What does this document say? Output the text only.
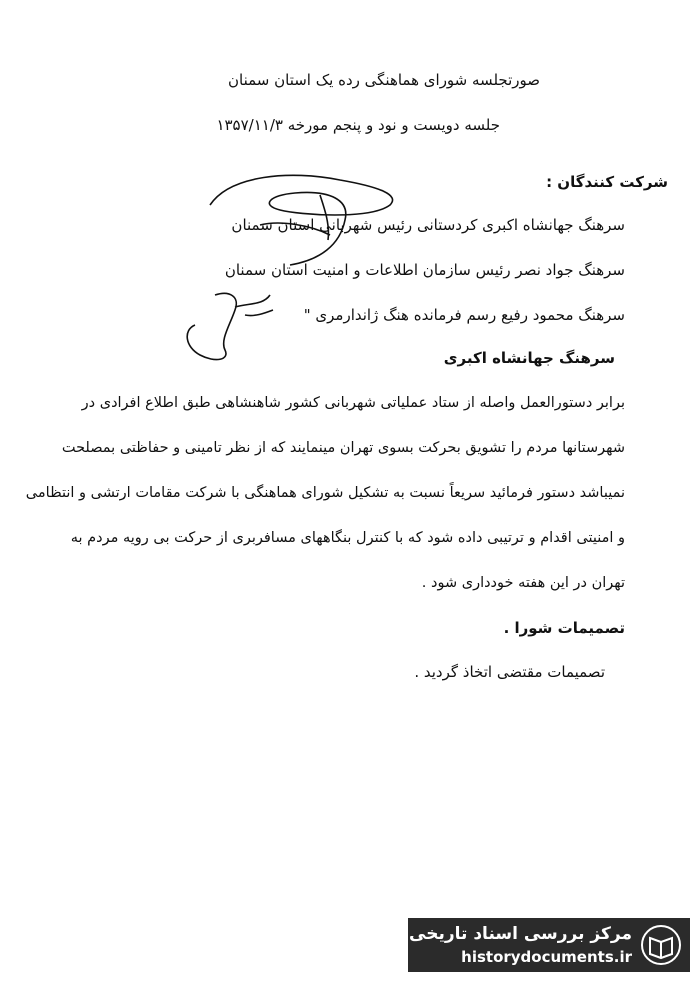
صورتجلسه شورای هماهنگی رده یک استان سمنان
جلسه دویست و نود و پنجم مورخه ۱۳۵۷/۱۱/۳
شرکت کنندگان :
سرهنگ جهانشاه اکبری کردستانی رئیس شهربانی استان سمنان
سرهنگ جواد نصر رئیس سازمان اطلاعات و امنیت استان سمنان
سرهنگ محمود رفیع رسم فرمانده هنگ ژاندارمری "
سرهنگ جهانشاه اکبری
برابر دستورالعمل واصله از ستاد عملیاتی شهربانی کشور شاهنشاهی طبق اطلاع افرادی در
شهرستانها مردم را تشویق بحرکت بسوی تهران مینمایند که از نظر تامینی و حفاظتی بمصلحت
نمیباشد دستور فرمائید سریعاً نسبت به تشکیل شورای هماهنگی با شرکت مقامات ارتشی و انتظامی
و امنیتی اقدام و ترتیبی داده شود که با کنترل بنگاههای مسافربری از حرکت بی رویه مردم به
تهران در این هفته خودداری شود .
تصمیمات شورا .
تصمیمات مقتضی اتخاذ گردید .
مرکز بررسی اسناد تاریخی
historydocuments.ir
